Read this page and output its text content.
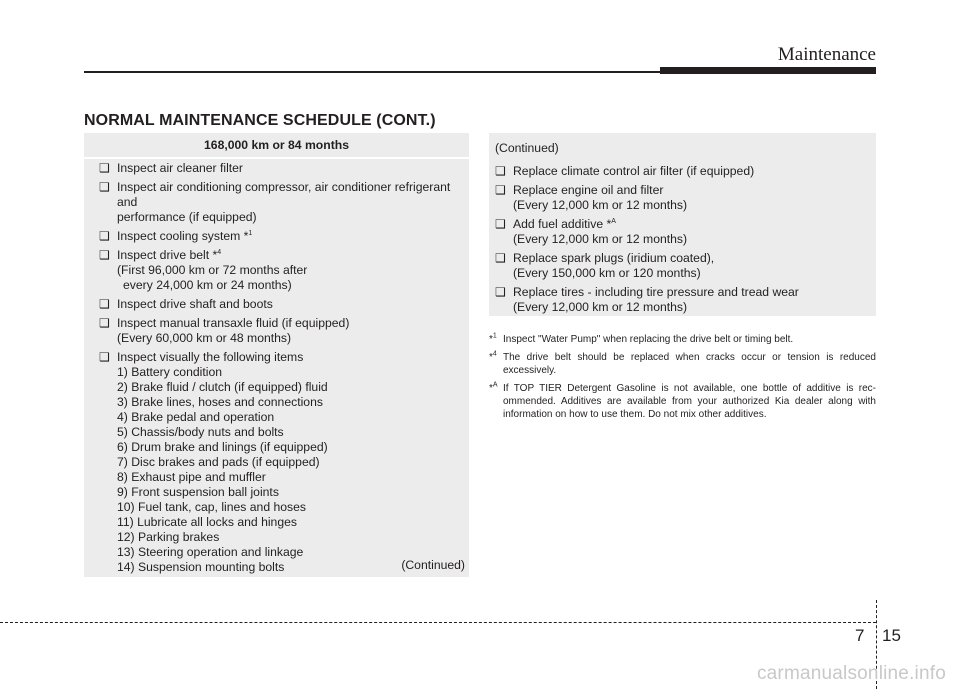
Maintenance
NORMAL MAINTENANCE SCHEDULE (CONT.)
168,000 km or 84 months
❑ Inspect air cleaner filter
❑ Inspect air conditioning compressor, air conditioner refrigerant and
performance (if equipped)
❑ Inspect cooling system *$^1$
❑ Inspect drive belt *$^4$
(First 96,000 km or 72 months after
every 24,000 km or 24 months)
❑ Inspect drive shaft and boots
❑ Inspect manual transaxle fluid (if equipped)
(Every 60,000 km or 48 months)
❑ Inspect visually the following items
1) Battery condition
2) Brake fluid / clutch (if equipped) fluid
3) Brake lines, hoses and connections
4) Brake pedal and operation
5) Chassis/body nuts and bolts
6) Drum brake and linings (if equipped)
7) Disc brakes and pads (if equipped)
8) Exhaust pipe and muffler
9) Front suspension ball joints
10) Fuel tank, cap, lines and hoses
11) Lubricate all locks and hinges
12) Parking brakes
13) Steering operation and linkage
14) Suspension mounting bolts	(Continued)
(Continued)
❑ Replace climate control air filter (if equipped)
❑ Replace engine oil and filter
(Every 12,000 km or 12 months)
❑ Add fuel additive *$^A$
(Every 12,000 km or 12 months)
❑ Replace spark plugs (iridium coated),
(Every 150,000 km or 120 months)
❑ Replace tires - including tire pressure and tread wear
(Every 12,000 km or 12 months)
*$^1$ Inspect "Water Pump" when replacing the drive belt or timing belt.
*$^4$ The drive belt should be replaced when cracks occur or tension is reduced excessively.
*$^A$ If TOP TIER Detergent Gasoline is not available, one bottle of additive is rec-ommended. Additives are available from your authorized Kia dealer along with information on how to use them. Do not mix other additives.
7 15
carmanualsonline.info
